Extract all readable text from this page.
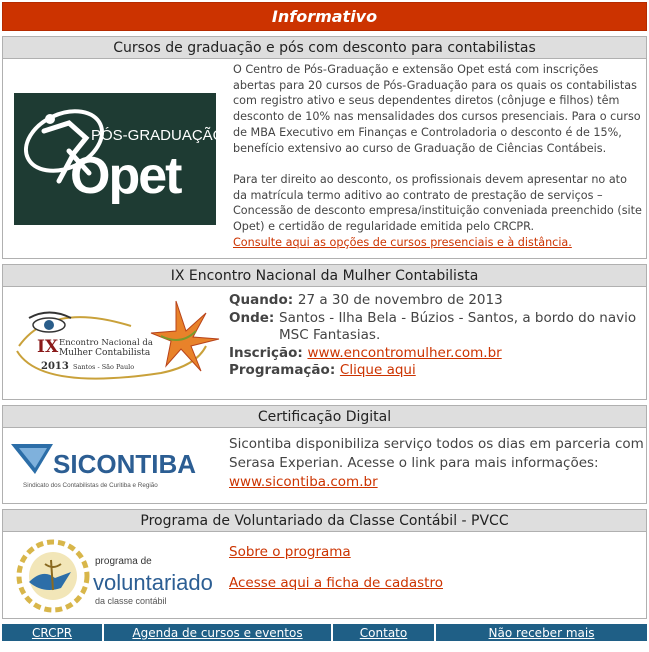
Informativo
Cursos de graduação e pós com desconto para contabilistas
PÓS-GRADUAÇÃO
Opet

O Centro de Pós-Graduação e extensão Opet está com inscrições abertas para 20 cursos de Pós-Graduação para os quais os contabilistas com registro ativo e seus dependentes diretos (cônjuge e filhos) têm desconto de 10% nas mensalidades dos cursos presenciais. Para o curso de MBA Executivo em Finanças e Controladoria o desconto é de 15%, benefício extensivo ao curso de Graduação de Ciências Contábeis.

Para ter direito ao desconto, os profissionais devem apresentar no ato da matrícula termo aditivo ao contrato de prestação de serviços – Concessão de desconto empresa/instituição conveniada preenchido (site Opet) e certidão de regularidade emitida pelo CRCPR.

Consulte aqui as opções de cursos presenciais e à distância.
IX Encontro Nacional da Mulher Contabilista
IX Encontro Nacional da
Mulher Contabilista
2013 Santos - São Paulo
Quando: 27 a 30 de novembro de 2013
Onde: Santos - Ilha Bela - Búzios - Santos, a bordo do navio MSC Fantasias.
Inscrição: www.encontromulher.com.br
Programação: Clique aqui
Certificação Digital
SICONTIBA
Sindicato dos Contabilistas de Curitiba e Região
Sicontiba disponibiliza serviço todos os dias em parceria com Serasa Experian. Acesse o link para mais informações: www.sicontiba.com.br
Programa de Voluntariado da Classe Contábil - PVCC
programa de
voluntariado
da classe contábil
Sobre o programa
Acesse aqui a ficha de cadastro
CRCPR	Agenda de cursos e eventos	Contato	Não receber mais
